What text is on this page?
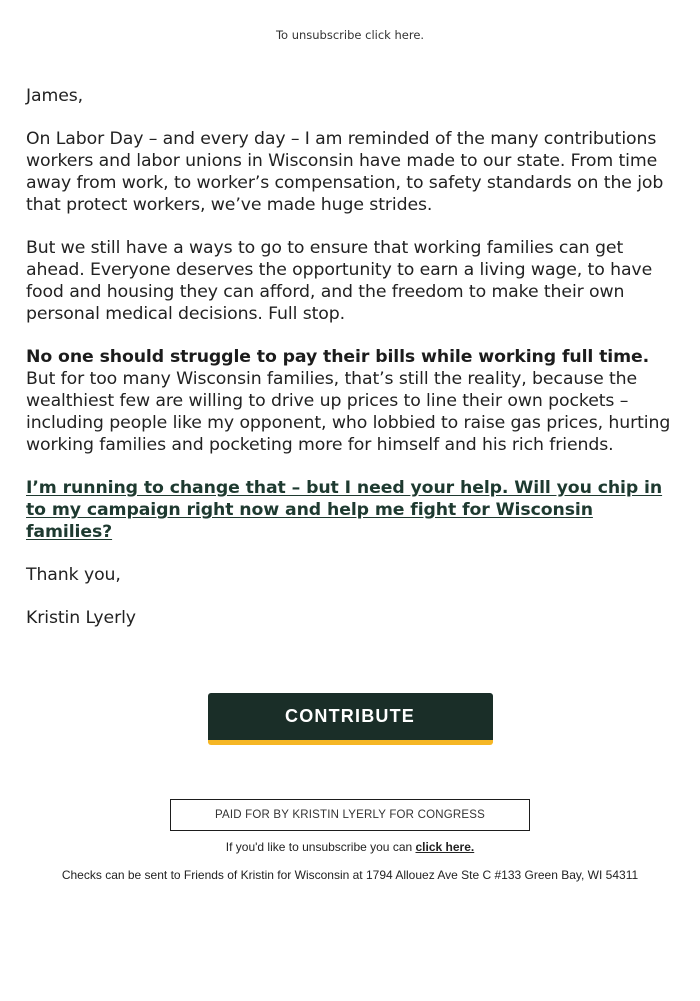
To unsubscribe click here.

James,

On Labor Day – and every day – I am reminded of the many contributions workers and labor unions in Wisconsin have made to our state. From time away from work, to worker’s compensation, to safety standards on the job that protect workers, we’ve made huge strides.

But we still have a ways to go to ensure that working families can get ahead. Everyone deserves the opportunity to earn a living wage, to have food and housing they can afford, and the freedom to make their own personal medical decisions. Full stop.

No one should struggle to pay their bills while working full time. But for too many Wisconsin families, that’s still the reality, because the wealthiest few are willing to drive up prices to line their own pockets – including people like my opponent, who lobbied to raise gas prices, hurting working families and pocketing more for himself and his rich friends.

I’m running to change that – but I need your help. Will you chip in to my campaign right now and help me fight for Wisconsin families?

Thank you,

Kristin Lyerly

CONTRIBUTE
PAID FOR BY KRISTIN LYERLY FOR CONGRESS
If you'd like to unsubscribe you can click here.
Checks can be sent to Friends of Kristin for Wisconsin at 1794 Allouez Ave Ste C #133 Green Bay, WI 54311
